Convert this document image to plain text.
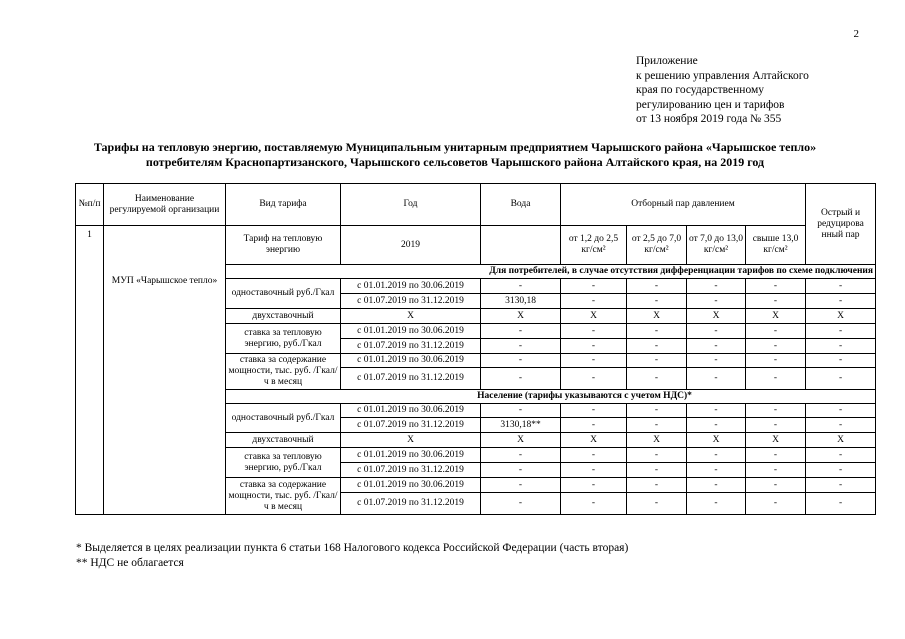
2
Приложение
к решению управления Алтайского
края по государственному
регулированию цен и тарифов
от 13 ноября 2019 года № 355
Тарифы на тепловую энергию, поставляемую Муниципальным унитарным предприятием Чарышского района «Чарышское тепло»
потребителям Краснопартизанского, Чарышского сельсоветов Чарышского района Алтайского края, на 2019 год
№п/п	Наименование регулируемой организации	Вид тарифа	Год	Вода	Отборный пар давлением				Острый и редуцирова нный пар
1	МУП «Чарышское тепло»	Тариф на тепловую энергию	2019		от 1,2 до 2,5 кг/см²	от 2,5 до 7,0 кг/см²	от 7,0 до 13,0 кг/см²	свыше 13,0 кг/см²	
		Для потребителей, в случае отсутствия дифференциации тарифов по схеме подключения							
		одноставочный руб./Гкал	с 01.01.2019 по 30.06.2019	-	-	-	-	-	-
			с 01.07.2019 по 31.12.2019	3130,18	-	-	-	-	-
		двухставочный	Х	Х	Х	Х	Х	Х	Х
		ставка за тепловую энергию, руб./Гкал	с 01.01.2019 по 30.06.2019	-	-	-	-	-	-
			с 01.07.2019 по 31.12.2019	-	-	-	-	-	-
		ставка за содержание мощности, тыс. руб. /Гкал/ч в месяц	с 01.01.2019 по 30.06.2019	-	-	-	-	-	-
			с 01.07.2019 по 31.12.2019	-	-	-	-	-	-
		Население (тарифы указываются с учетом НДС)*							
		одноставочный руб./Гкал	с 01.01.2019 по 30.06.2019	-	-	-	-	-	-
			с 01.07.2019 по 31.12.2019	3130,18**	-	-	-	-	-
		двухставочный	Х	Х	Х	Х	Х	Х	Х
		ставка за тепловую энергию, руб./Гкал	с 01.01.2019 по 30.06.2019	-	-	-	-	-	-
			с 01.07.2019 по 31.12.2019	-	-	-	-	-	-
		ставка за содержание мощности, тыс. руб. /Гкал/ч в месяц	с 01.01.2019 по 30.06.2019	-	-	-	-	-	-
			с 01.07.2019 по 31.12.2019	-	-	-	-	-	-
* Выделяется в целях реализации пункта 6 статьи 168 Налогового кодекса Российской Федерации (часть вторая)
** НДС не облагается
